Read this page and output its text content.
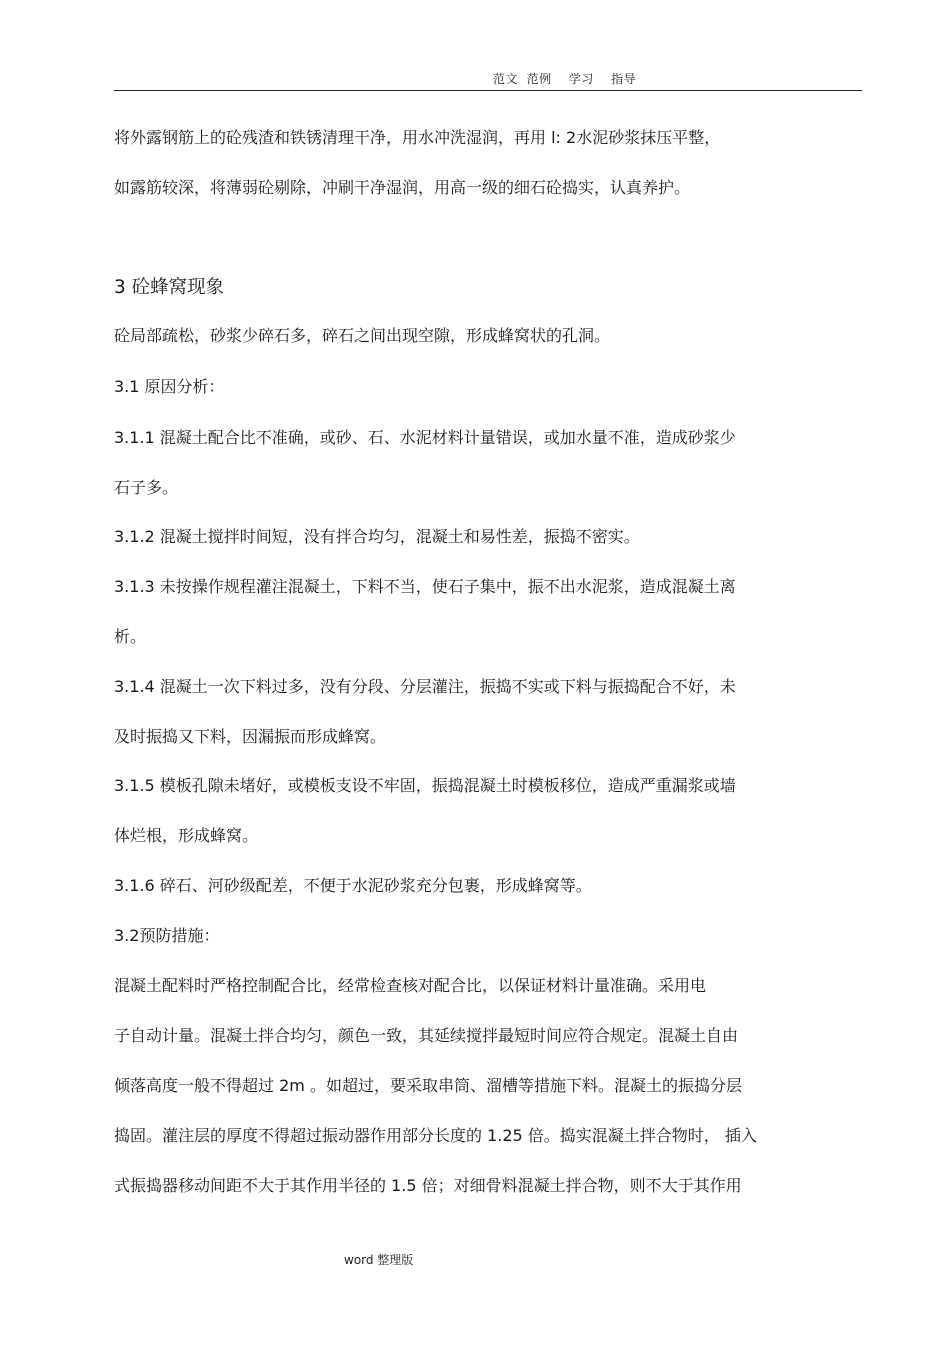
范文  范例    学习    指导
将外露钢筋上的砼残渣和铁锈清理干净，用水冲洗湿润，再用 l: 2水泥砂浆抹压平整，
如露筋较深，将薄弱砼剔除，冲刷干净湿润，用高一级的细石砼捣实，认真养护。
3 砼蜂窝现象
砼局部疏松，砂浆少碎石多，碎石之间出现空隙，形成蜂窝状的孔洞。
3.1 原因分析：
3.1.1 混凝土配合比不准确，或砂、石、水泥材料计量错误，或加水量不准，造成砂浆少
石子多。
3.1.2 混凝土搅拌时间短，没有拌合均匀，混凝土和易性差，振捣不密实。
3.1.3 未按操作规程灌注混凝土，下料不当，使石子集中，振不出水泥浆，造成混凝土离
析。
3.1.4 混凝土一次下料过多，没有分段、分层灌注，振捣不实或下料与振捣配合不好，未
及时振捣又下料，因漏振而形成蜂窝。
3.1.5 模板孔隙未堵好，或模板支设不牢固，振捣混凝土时模板移位，造成严重漏浆或墙
体烂根，形成蜂窝。
3.1.6 碎石、河砂级配差，不便于水泥砂浆充分包裹，形成蜂窝等。
3.2预防措施：
混凝土配料时严格控制配合比，经常检查核对配合比，以保证材料计量准确。采用电
子自动计量。混凝土拌合均匀，颜色一致，其延续搅拌最短时间应符合规定。混凝土自由
倾落高度一般不得超过 2m 。如超过，要采取串筒、溜槽等措施下料。混凝土的振捣分层
捣固。灌注层的厚度不得超过振动器作用部分长度的 1.25 倍。捣实混凝土拌合物时， 插入
式振捣器移动间距不大于其作用半径的 1.5 倍；对细骨料混凝土拌合物，则不大于其作用
word 整理版
